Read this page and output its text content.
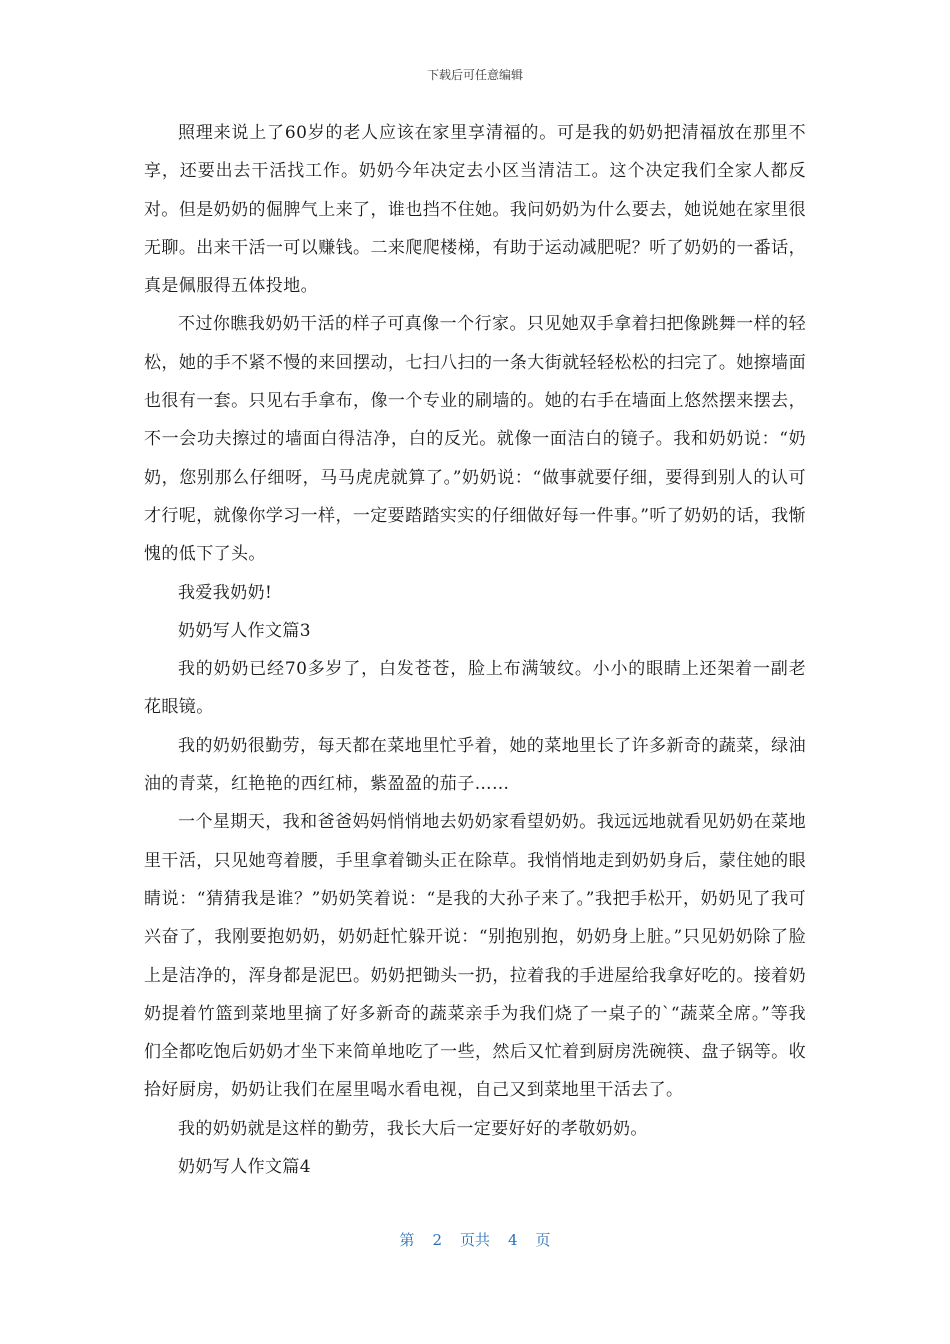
下载后可任意编辑

照理来说上了60岁的老人应该在家里享清福的。可是我的奶奶把清福放在那里不享，还要出去干活找工作。奶奶今年决定去小区当清洁工。这个决定我们全家人都反对。但是奶奶的倔脾气上来了，谁也挡不住她。我问奶奶为什么要去，她说她在家里很无聊。出来干活一可以赚钱。二来爬爬楼梯，有助于运动减肥呢？听了奶奶的一番话，真是佩服得五体投地。

不过你瞧我奶奶干活的样子可真像一个行家。只见她双手拿着扫把像跳舞一样的轻松，她的手不紧不慢的来回摆动，七扫八扫的一条大街就轻轻松松的扫完了。她擦墙面也很有一套。只见右手拿布，像一个专业的刷墙的。她的右手在墙面上悠然摆来摆去，不一会功夫擦过的墙面白得洁净，白的反光。就像一面洁白的镜子。我和奶奶说：“奶奶，您别那么仔细呀，马马虎虎就算了。”奶奶说：“做事就要仔细，要得到别人的认可才行呢，就像你学习一样，一定要踏踏实实的仔细做好每一件事。”听了奶奶的话，我惭愧的低下了头。

我爱我奶奶!

奶奶写人作文篇3

我的奶奶已经70多岁了，白发苍苍，脸上布满皱纹。小小的眼睛上还架着一副老花眼镜。

我的奶奶很勤劳，每天都在菜地里忙乎着，她的菜地里长了许多新奇的蔬菜，绿油油的青菜，红艳艳的西红柿，紫盈盈的茄子……

一个星期天，我和爸爸妈妈悄悄地去奶奶家看望奶奶。我远远地就看见奶奶在菜地里干活，只见她弯着腰，手里拿着锄头正在除草。我悄悄地走到奶奶身后，蒙住她的眼睛说：“猜猜我是谁？”奶奶笑着说：“是我的大孙子来了。”我把手松开，奶奶见了我可兴奋了，我刚要抱奶奶，奶奶赶忙躲开说：“别抱别抱，奶奶身上脏。”只见奶奶除了脸上是洁净的，浑身都是泥巴。奶奶把锄头一扔，拉着我的手进屋给我拿好吃的。接着奶奶提着竹篮到菜地里摘了好多新奇的蔬菜亲手为我们烧了一桌子的`“蔬菜全席。”等我们全都吃饱后奶奶才坐下来简单地吃了一些，然后又忙着到厨房洗碗筷、盘子锅等。收拾好厨房，奶奶让我们在屋里喝水看电视，自己又到菜地里干活去了。

我的奶奶就是这样的勤劳，我长大后一定要好好的孝敬奶奶。

奶奶写人作文篇4

第 2 页共 4 页
